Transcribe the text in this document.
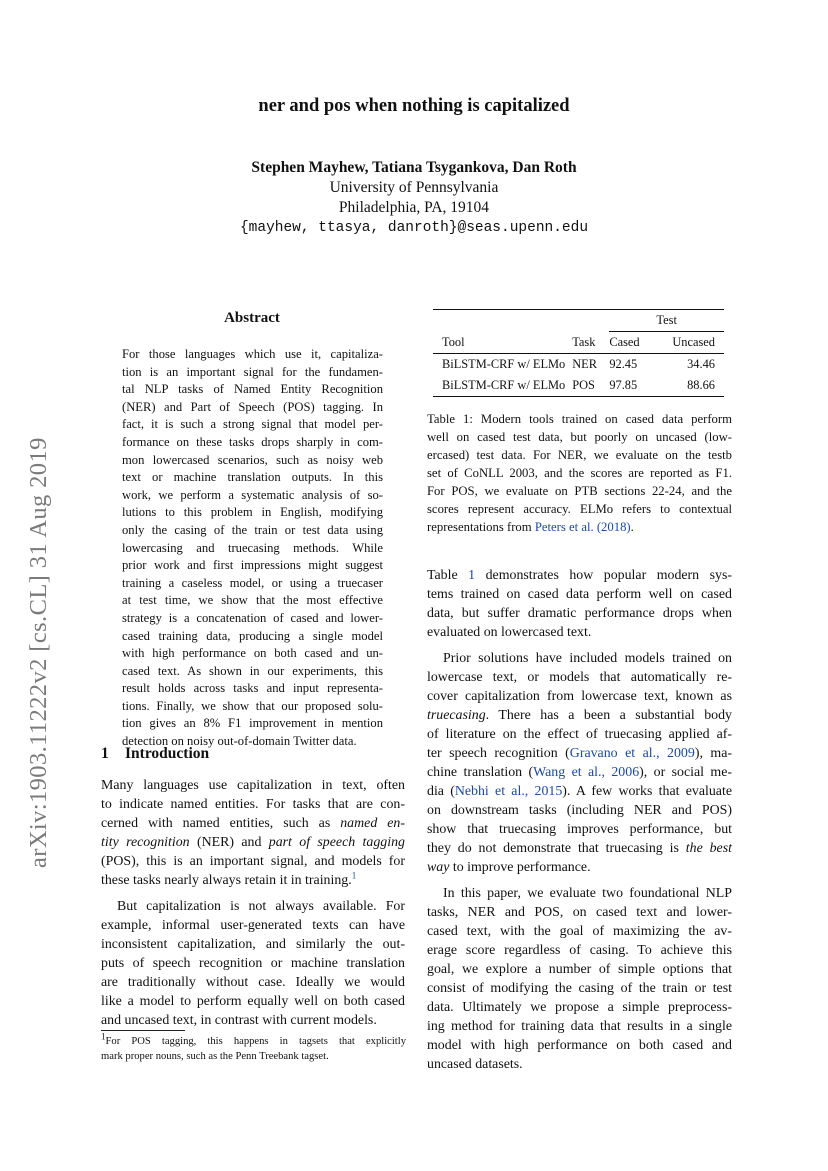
arXiv:1903.11222v2 [cs.CL] 31 Aug 2019
ner and pos when nothing is capitalized
Stephen Mayhew, Tatiana Tsygankova, Dan Roth
University of Pennsylvania
Philadelphia, PA, 19104
{mayhew, ttasya, danroth}@seas.upenn.edu
Abstract
For those languages which use it, capitaliza-
tion is an important signal for the fundamen-
tal NLP tasks of Named Entity Recognition
(NER) and Part of Speech (POS) tagging. In
fact, it is such a strong signal that model per-
formance on these tasks drops sharply in com-
mon lowercased scenarios, such as noisy web
text or machine translation outputs. In this
work, we perform a systematic analysis of so-
lutions to this problem in English, modifying
only the casing of the train or test data using
lowercasing and truecasing methods. While
prior work and first impressions might suggest
training a caseless model, or using a truecaser
at test time, we show that the most effective
strategy is a concatenation of cased and lower-
cased training data, producing a single model
with high performance on both cased and un-
cased text. As shown in our experiments, this
result holds across tasks and input representa-
tions. Finally, we show that our proposed solu-
tion gives an 8% F1 improvement in mention
detection on noisy out-of-domain Twitter data.
1 Introduction

Many languages use capitalization in text, often
to indicate named entities. For tasks that are con-
cerned with named entities, such as named en-
tity recognition (NER) and part of speech tagging
(POS), this is an important signal, and models for
these tasks nearly always retain it in training.$^1$

But capitalization is not always available. For
example, informal user-generated texts can have
inconsistent capitalization, and similarly the out-
puts of speech recognition or machine translation
are traditionally without case. Ideally we would
like a model to perform equally well on both cased
and uncased text, in contrast with current models.

$^1$For POS tagging, this happens in tagsets that explicitly
mark proper nouns, such as the Penn Treebank tagset.
		Test	
Tool	Task	Cased	Uncased
BiLSTM-CRF w/ ELMo	NER	92.45	34.46
BiLSTM-CRF w/ ELMo	POS	97.85	88.66
Table 1: Modern tools trained on cased data perform
well on cased test data, but poorly on uncased (low-
ercased) test data. For NER, we evaluate on the testb
set of CoNLL 2003, and the scores are reported as F1.
For POS, we evaluate on PTB sections 22-24, and the
scores represent accuracy. ELMo refers to contextual
representations from Peters et al. (2018).

Table 1 demonstrates how popular modern sys-
tems trained on cased data perform well on cased
data, but suffer dramatic performance drops when
evaluated on lowercased text.

Prior solutions have included models trained on
lowercase text, or models that automatically re-
cover capitalization from lowercase text, known as
truecasing. There has a been a substantial body
of literature on the effect of truecasing applied af-
ter speech recognition (Gravano et al., 2009), ma-
chine translation (Wang et al., 2006), or social me-
dia (Nebhi et al., 2015). A few works that evaluate
on downstream tasks (including NER and POS)
show that truecasing improves performance, but
they do not demonstrate that truecasing is the best
way to improve performance.

In this paper, we evaluate two foundational NLP
tasks, NER and POS, on cased text and lower-
cased text, with the goal of maximizing the av-
erage score regardless of casing. To achieve this
goal, we explore a number of simple options that
consist of modifying the casing of the train or test
data. Ultimately we propose a simple preprocess-
ing method for training data that results in a single
model with high performance on both cased and
uncased datasets.
